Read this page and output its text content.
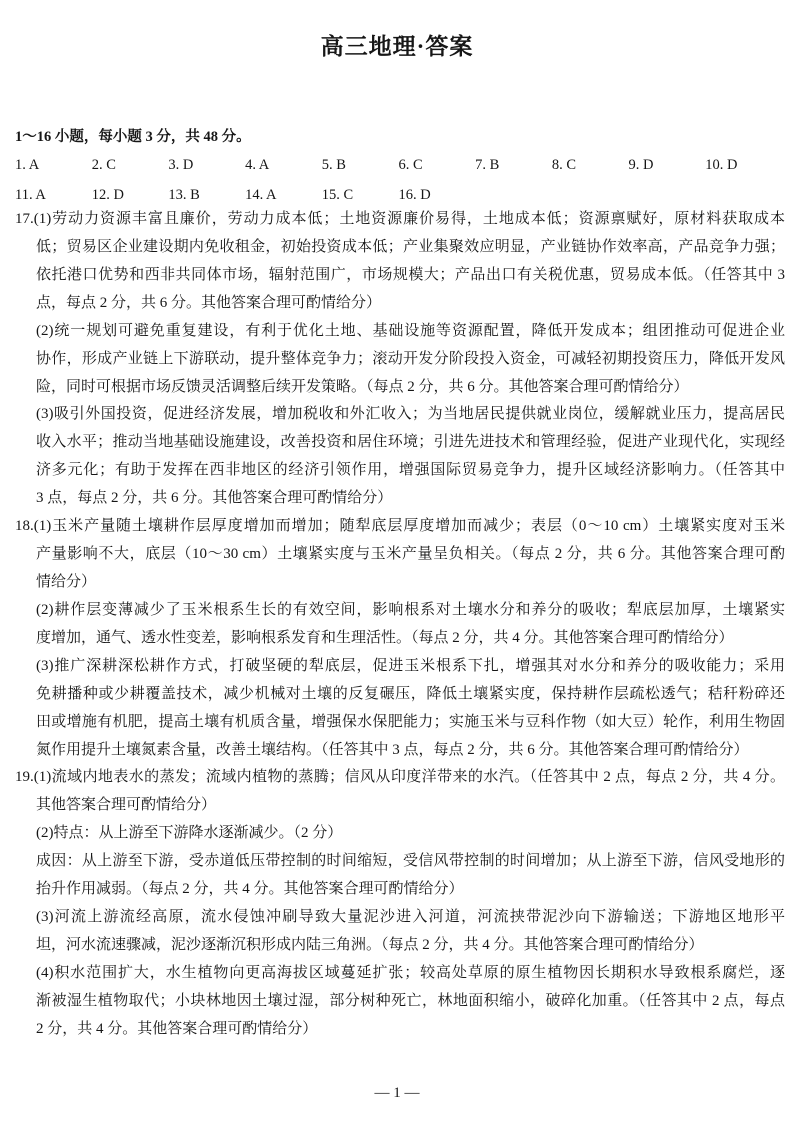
高三地理·答案
1～16 小题，每小题 3 分，共 48 分。
1. A	2. C	3. D	4. A	5. B	6. C	7. B	8. C	9. D	10. D
11. A	12. D	13. B	14. A	15. C	16. D
17.(1)劳动力资源丰富且廉价，劳动力成本低；土地资源廉价易得，土地成本低；资源禀赋好，原材料获取成本
低；贸易区企业建设期内免收租金，初始投资成本低；产业集聚效应明显，产业链协作效率高，产品竞争力强；
依托港口优势和西非共同体市场，辐射范围广，市场规模大；产品出口有关税优惠，贸易成本低。（任答其中 3
点，每点 2 分，共 6 分。其他答案合理可酌情给分）
(2)统一规划可避免重复建设，有利于优化土地、基础设施等资源配置，降低开发成本；组团推动可促进企业
协作，形成产业链上下游联动，提升整体竞争力；滚动开发分阶段投入资金，可减轻初期投资压力，降低开发风
险，同时可根据市场反馈灵活调整后续开发策略。（每点 2 分，共 6 分。其他答案合理可酌情给分）
(3)吸引外国投资，促进经济发展，增加税收和外汇收入；为当地居民提供就业岗位，缓解就业压力，提高居民
收入水平；推动当地基础设施建设，改善投资和居住环境；引进先进技术和管理经验，促进产业现代化，实现经
济多元化；有助于发挥在西非地区的经济引领作用，增强国际贸易竞争力，提升区域经济影响力。（任答其中
3 点，每点 2 分，共 6 分。其他答案合理可酌情给分）
18.(1)玉米产量随土壤耕作层厚度增加而增加；随犁底层厚度增加而减少；表层（0～10 cm）土壤紧实度对玉米
产量影响不大，底层（10～30 cm）土壤紧实度与玉米产量呈负相关。（每点 2 分，共 6 分。其他答案合理可酌
情给分）
(2)耕作层变薄减少了玉米根系生长的有效空间，影响根系对土壤水分和养分的吸收；犁底层加厚，土壤紧实
度增加，通气、透水性变差，影响根系发育和生理活性。（每点 2 分，共 4 分。其他答案合理可酌情给分）
(3)推广深耕深松耕作方式，打破坚硬的犁底层，促进玉米根系下扎，增强其对水分和养分的吸收能力；采用
免耕播种或少耕覆盖技术，减少机械对土壤的反复碾压，降低土壤紧实度，保持耕作层疏松透气；秸秆粉碎还
田或增施有机肥，提高土壤有机质含量，增强保水保肥能力；实施玉米与豆科作物（如大豆）轮作，利用生物固
氮作用提升土壤氮素含量，改善土壤结构。（任答其中 3 点，每点 2 分，共 6 分。其他答案合理可酌情给分）
19.(1)流域内地表水的蒸发；流域内植物的蒸腾；信风从印度洋带来的水汽。（任答其中 2 点，每点 2 分，共 4 分。
其他答案合理可酌情给分）
(2)特点：从上游至下游降水逐渐减少。（2 分）
成因：从上游至下游，受赤道低压带控制的时间缩短，受信风带控制的时间增加；从上游至下游，信风受地形的
抬升作用减弱。（每点 2 分，共 4 分。其他答案合理可酌情给分）
(3)河流上游流经高原，流水侵蚀冲刷导致大量泥沙进入河道，河流挟带泥沙向下游输送；下游地区地形平
坦，河水流速骤减，泥沙逐渐沉积形成内陆三角洲。（每点 2 分，共 4 分。其他答案合理可酌情给分）
(4)积水范围扩大，水生植物向更高海拔区域蔓延扩张；较高处草原的原生植物因长期积水导致根系腐烂，逐
渐被湿生植物取代；小块林地因土壤过湿，部分树种死亡，林地面积缩小，破碎化加重。（任答其中 2 点，每点
2 分，共 4 分。其他答案合理可酌情给分）
— 1 —
